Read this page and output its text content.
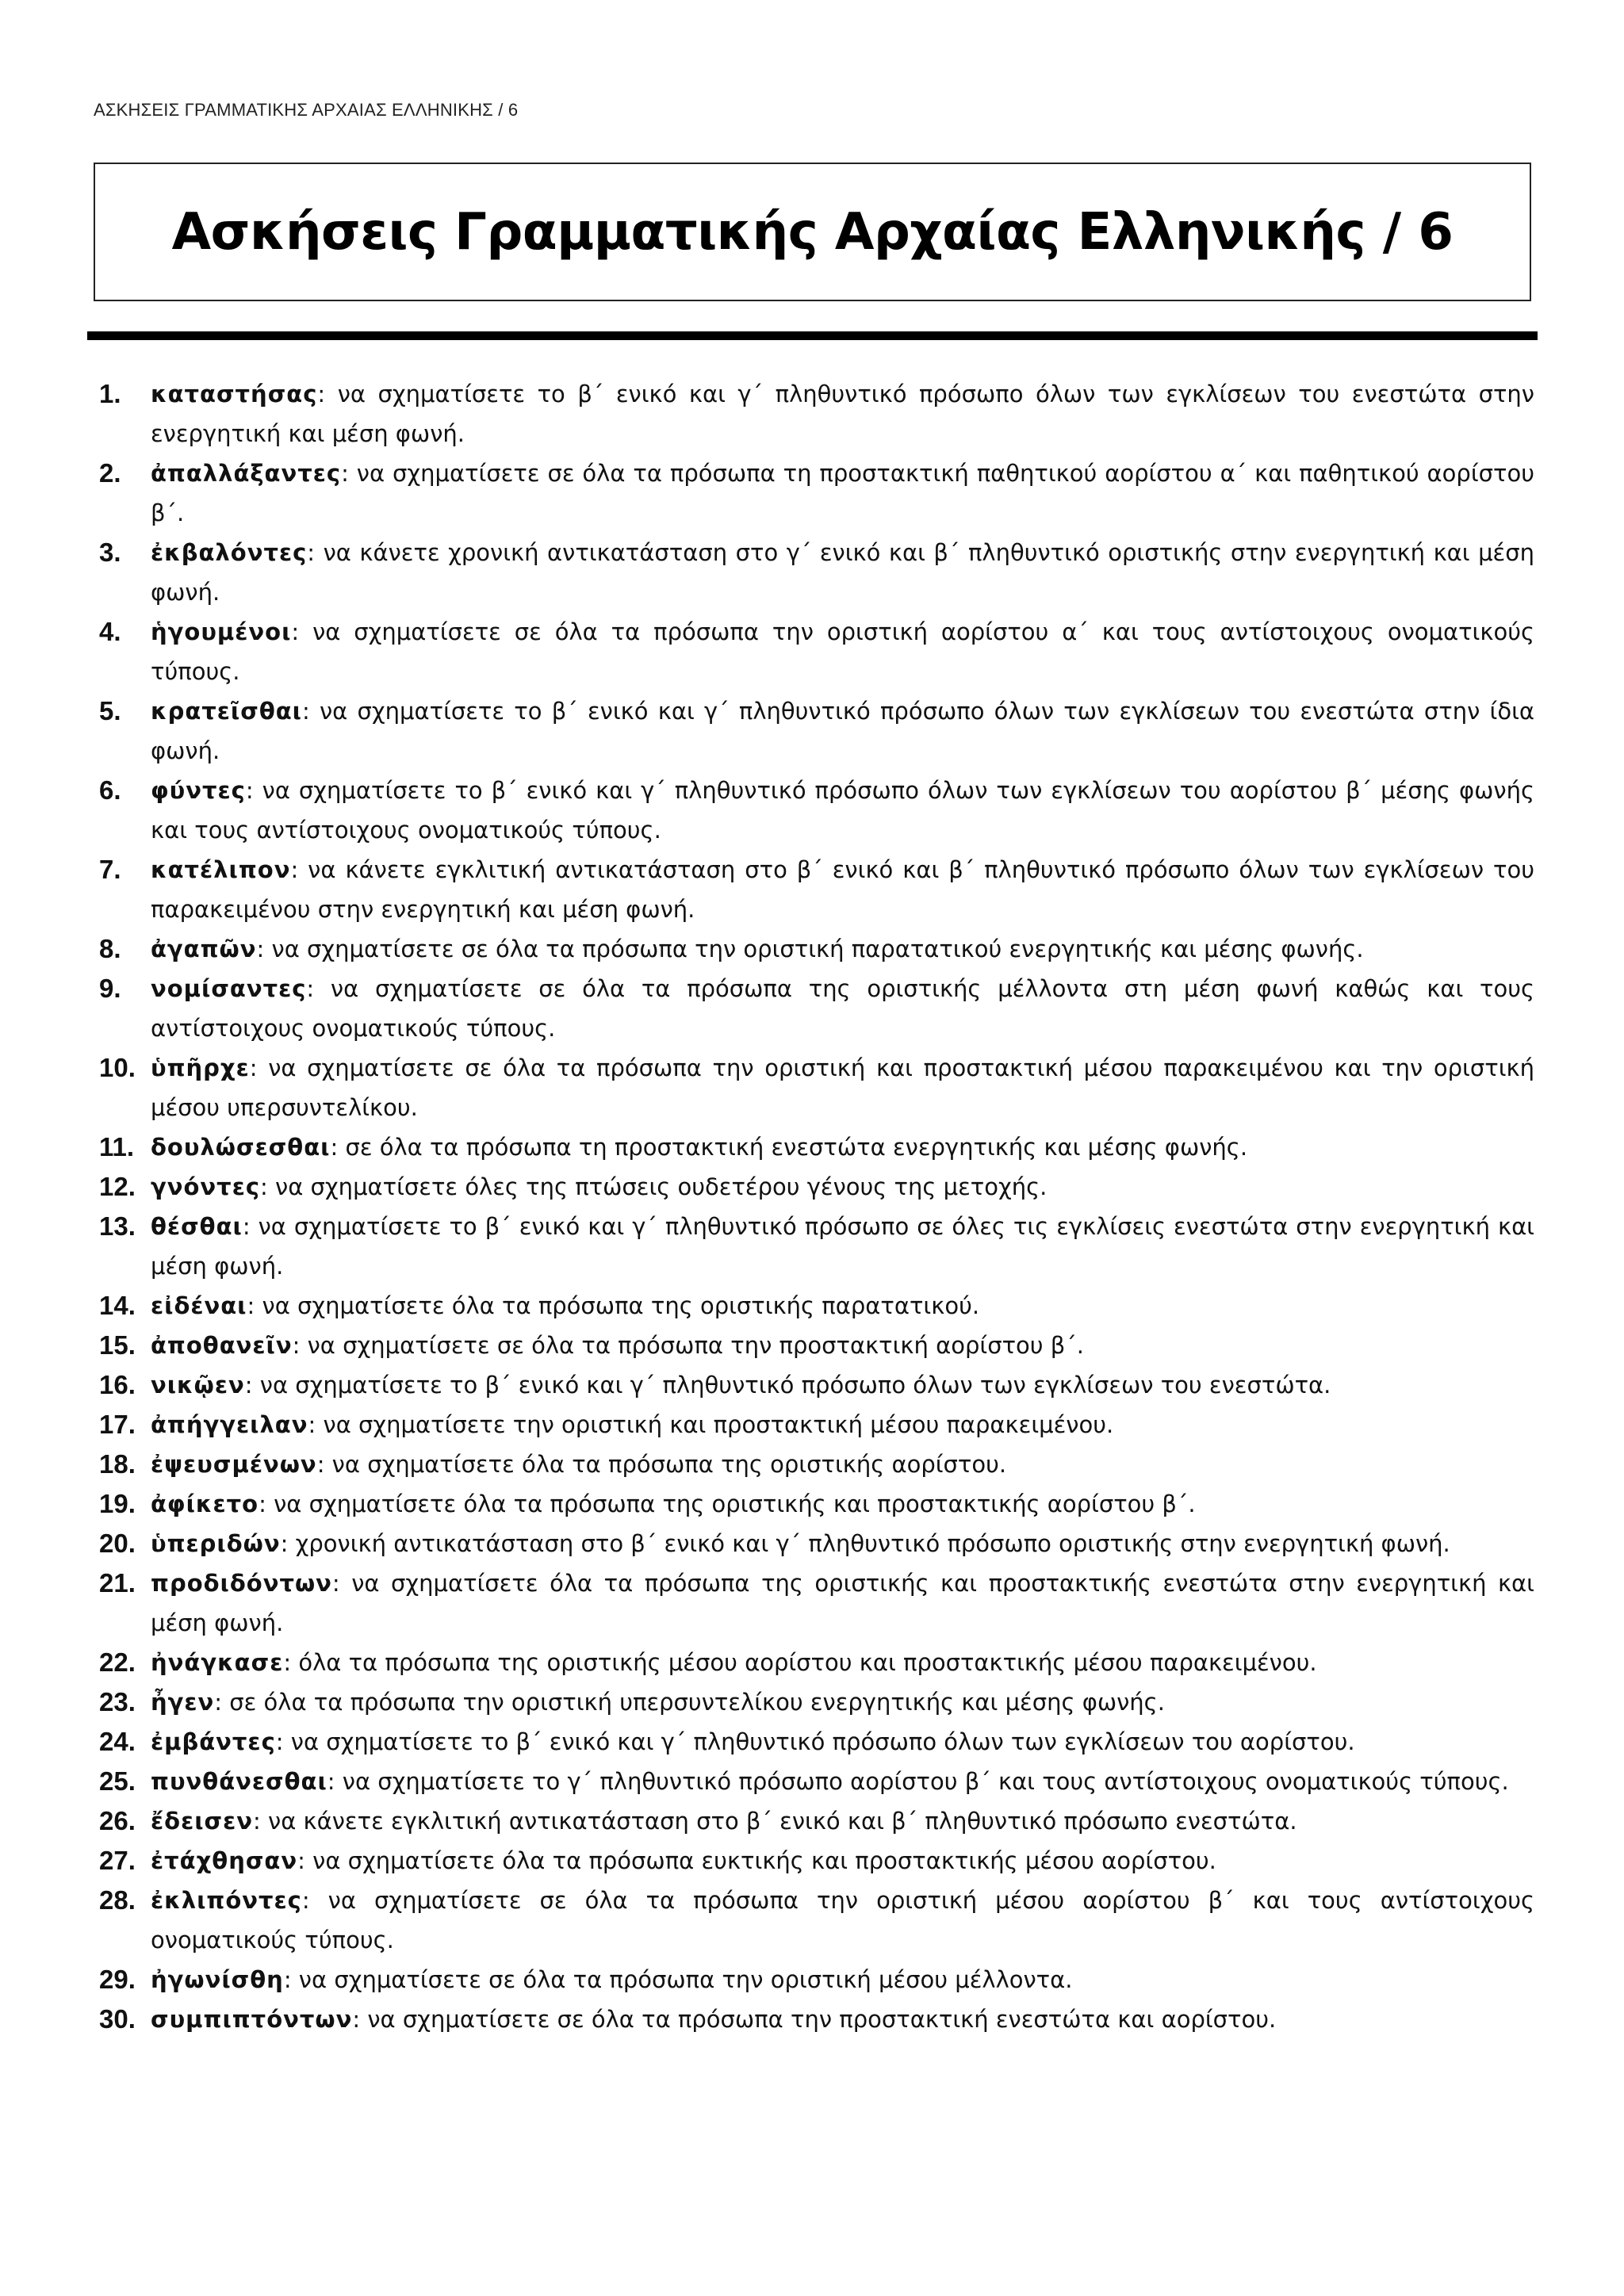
ΑΣΚΗΣΕΙΣ ΓΡΑΜΜΑΤΙΚΗΣ ΑΡΧΑΙΑΣ ΕΛΛΗΝΙΚΗΣ / 6
Ασκήσεις Γραμματικής Αρχαίας Ελληνικής / 6
1. καταστήσας: να σχηματίσετε το β΄ ενικό και γ΄ πληθυντικό πρόσωπο όλων των εγκλίσεων του ενεστώτα στην ενεργητική και μέση φωνή.
2. ἀπαλλάξαντες: να σχηματίσετε σε όλα τα πρόσωπα τη προστακτική παθητικού αορίστου α΄ και παθητικού αορίστου β΄.
3. ἐκβαλόντες: να κάνετε χρονική αντικατάσταση στο γ΄ ενικό και β΄ πληθυντικό οριστικής στην ενεργητική και μέση φωνή.
4. ἡγουμένοι: να σχηματίσετε σε όλα τα πρόσωπα την οριστική αορίστου α΄ και τους αντίστοιχους ονοματικούς τύπους.
5. κρατεῖσθαι: να σχηματίσετε το β΄ ενικό και γ΄ πληθυντικό πρόσωπο όλων των εγκλίσεων του ενεστώτα στην ίδια φωνή.
6. φύντες: να σχηματίσετε το β΄ ενικό και γ΄ πληθυντικό πρόσωπο όλων των εγκλίσεων του αορίστου β΄ μέσης φωνής και τους αντίστοιχους ονοματικούς τύπους.
7. κατέλιπον: να κάνετε εγκλιτική αντικατάσταση στο β΄ ενικό και β΄ πληθυντικό πρόσωπο όλων των εγκλίσεων του παρακειμένου στην ενεργητική και μέση φωνή.
8. ἀγαπῶν: να σχηματίσετε σε όλα τα πρόσωπα την οριστική παρατατικού ενεργητικής και μέσης φωνής.
9. νομίσαντες: να σχηματίσετε σε όλα τα πρόσωπα της οριστικής μέλλοντα στη μέση φωνή καθώς και τους αντίστοιχους ονοματικούς τύπους.
10. ὑπῆρχε: να σχηματίσετε σε όλα τα πρόσωπα την οριστική και προστακτική μέσου παρακειμένου και την οριστική μέσου υπερσυντελίκου.
11. δουλώσεσθαι: σε όλα τα πρόσωπα τη προστακτική ενεστώτα ενεργητικής και μέσης φωνής.
12. γνόντες: να σχηματίσετε όλες της πτώσεις ουδετέρου γένους της μετοχής.
13. θέσθαι: να σχηματίσετε το β΄ ενικό και γ΄ πληθυντικό πρόσωπο σε όλες τις εγκλίσεις ενεστώτα στην ενεργητική και μέση φωνή.
14. εἰδέναι: να σχηματίσετε όλα τα πρόσωπα της οριστικής παρατατικού.
15. ἀποθανεῖν: να σχηματίσετε σε όλα τα πρόσωπα την προστακτική αορίστου β΄.
16. νικῷεν: να σχηματίσετε το β΄ ενικό και γ΄ πληθυντικό πρόσωπο όλων των εγκλίσεων του ενεστώτα.
17. ἀπήγγειλαν: να σχηματίσετε την οριστική και προστακτική μέσου παρακειμένου.
18. ἐψευσμένων: να σχηματίσετε όλα τα πρόσωπα της οριστικής αορίστου.
19. ἀφίκετο: να σχηματίσετε όλα τα πρόσωπα της οριστικής και προστακτικής αορίστου β΄.
20. ὑπεριδών: χρονική αντικατάσταση στο β΄ ενικό και γ΄ πληθυντικό πρόσωπο οριστικής στην ενεργητική φωνή.
21. προδιδόντων: να σχηματίσετε όλα τα πρόσωπα της οριστικής και προστακτικής ενεστώτα στην ενεργητική και μέση φωνή.
22. ἠνάγκασε: όλα τα πρόσωπα της οριστικής μέσου αορίστου και προστακτικής μέσου παρακειμένου.
23. ἦγεν: σε όλα τα πρόσωπα την οριστική υπερσυντελίκου ενεργητικής και μέσης φωνής.
24. ἐμβάντες: να σχηματίσετε το β΄ ενικό και γ΄ πληθυντικό πρόσωπο όλων των εγκλίσεων του αορίστου.
25. πυνθάνεσθαι: να σχηματίσετε το γ΄ πληθυντικό πρόσωπο αορίστου β΄ και τους αντίστοιχους ονοματικούς τύπους.
26. ἔδεισεν: να κάνετε εγκλιτική αντικατάσταση στο β΄ ενικό και β΄ πληθυντικό πρόσωπο ενεστώτα.
27. ἐτάχθησαν: να σχηματίσετε όλα τα πρόσωπα ευκτικής και προστακτικής μέσου αορίστου.
28. ἐκλιπόντες: να σχηματίσετε σε όλα τα πρόσωπα την οριστική μέσου αορίστου β΄ και τους αντίστοιχους ονοματικούς τύπους.
29. ἠγωνίσθη: να σχηματίσετε σε όλα τα πρόσωπα την οριστική μέσου μέλλοντα.
30. συμπιπτόντων: να σχηματίσετε σε όλα τα πρόσωπα την προστακτική ενεστώτα και αορίστου.
